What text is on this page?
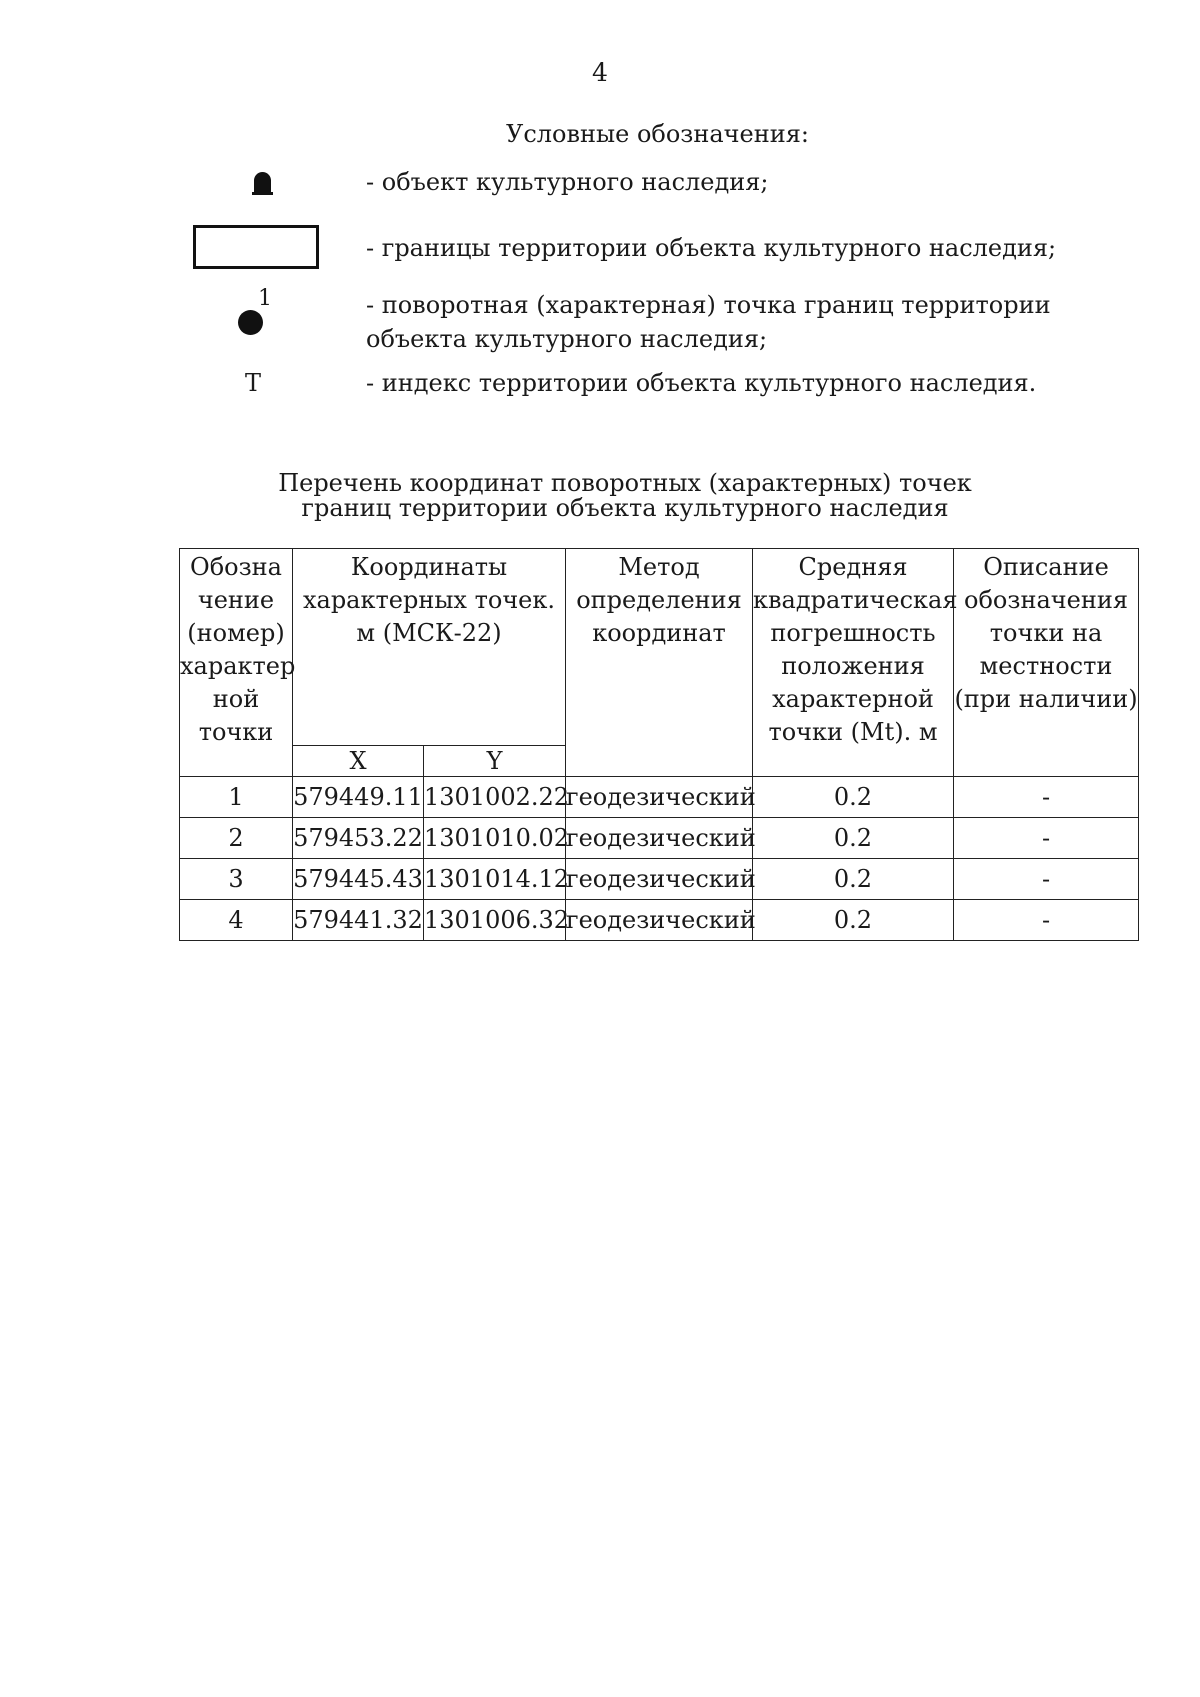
4
Условные обозначения:
- объект культурного наследия;
- границы территории объекта культурного наследия;
1	- поворотная (характерная) точка границ территории объекта культурного наследия;
Т	- индекс территории объекта культурного наследия.
Перечень координат поворотных (характерных) точек
границ территории объекта культурного наследия
Обозна чение (номер) характер ной точки	Координаты характерных точек. м (МСК-22)		Метод определения координат	Средняя квадратическая погрешность положения характерной точки (Mt). м	Описание обозначения точки на местности (при наличии)
	X	Y			
1	579449.11	1301002.22	геодезический	0.2	-
2	579453.22	1301010.02	геодезический	0.2	-
3	579445.43	1301014.12	геодезический	0.2	-
4	579441.32	1301006.32	геодезический	0.2	-
